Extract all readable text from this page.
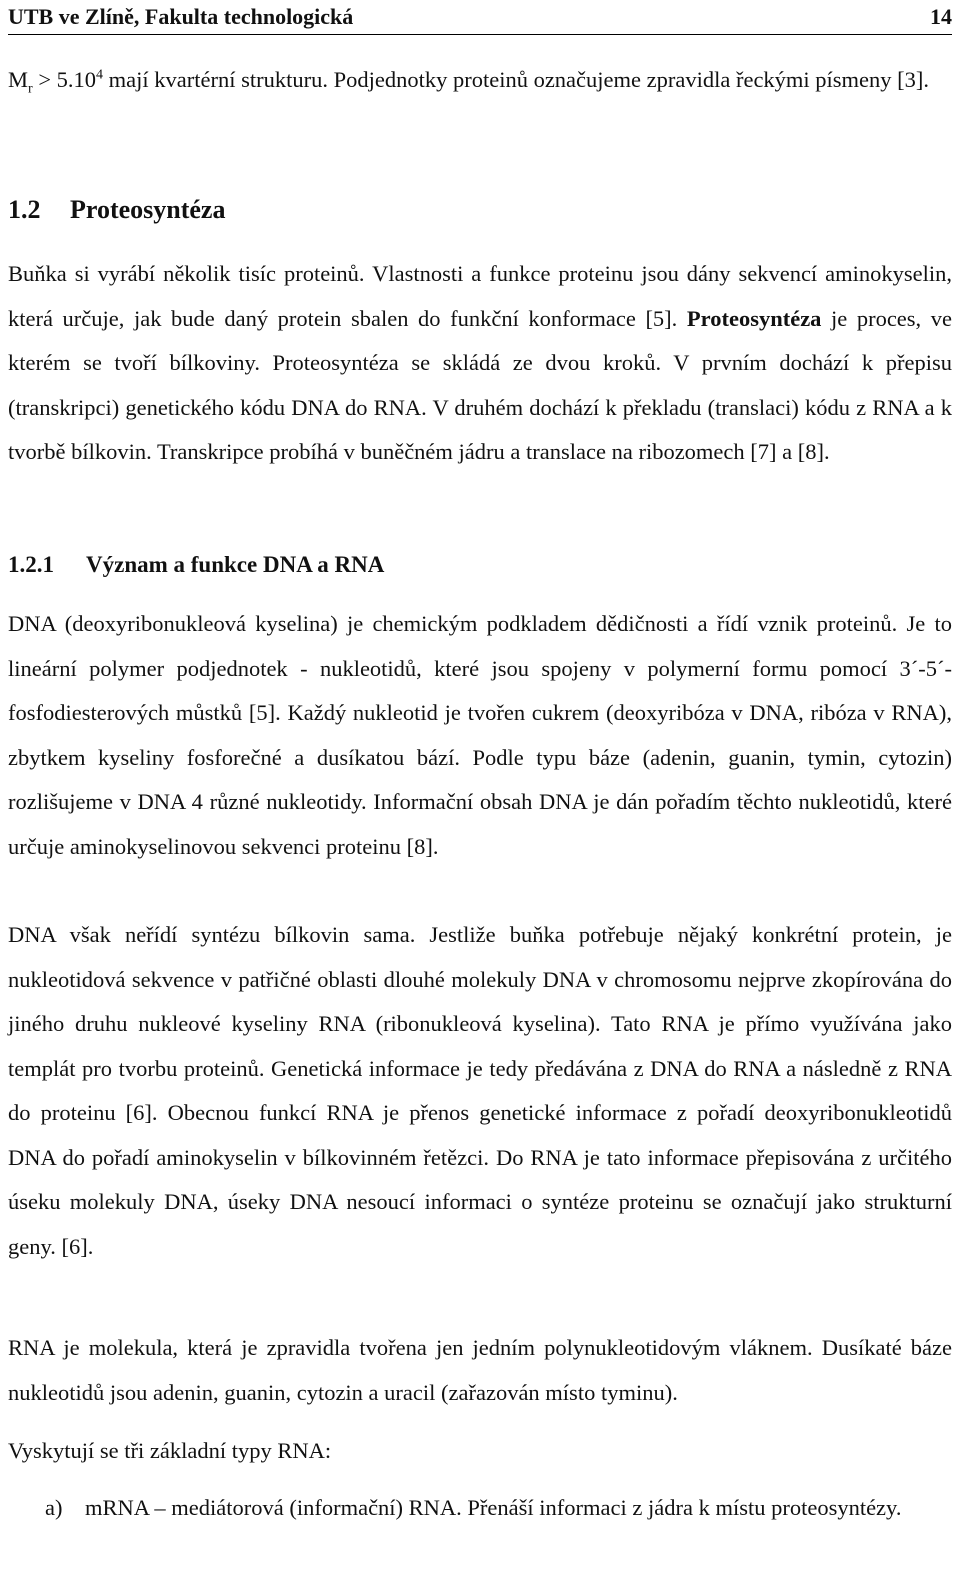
UTB ve Zlíně, Fakulta technologická	14
$M_r > 5.10^4$ mají kvartérní strukturu. Podjednotky proteinů označujeme zpravidla řeckými písmeny [3].
1.2 Proteosyntéza
Buňka si vyrábí několik tisíc proteinů. Vlastnosti a funkce proteinu jsou dány sekvencí aminokyselin, která určuje, jak bude daný protein sbalen do funkční konformace [5]. Proteosyntéza je proces, ve kterém se tvoří bílkoviny. Proteosyntéza se skládá ze dvou kroků. V prvním dochází k přepisu (transkripci) genetického kódu DNA do RNA. V druhém dochází k překladu (translaci) kódu z RNA a k tvorbě bílkovin. Transkripce probíhá v buněčném jádru a translace na ribozomech [7] a [8].
1.2.1 Význam a funkce DNA a RNA
DNA (deoxyribonukleová kyselina) je chemickým podkladem dědičnosti a řídí vznik proteinů. Je to lineární polymer podjednotek - nukleotidů, které jsou spojeny v polymerní formu pomocí 3´-5´-fosfodiesterových můstků [5]. Každý nukleotid je tvořen cukrem (deoxyribóza v DNA, ribóza v RNA), zbytkem kyseliny fosforečné a dusíkatou bází. Podle typu báze (adenin, guanin, tymin, cytozin) rozlišujeme v DNA 4 různé nukleotidy. Informační obsah DNA je dán pořadím těchto nukleotidů, které určuje aminokyselinovou sekvenci proteinu [8].
DNA však neřídí syntézu bílkovin sama. Jestliže buňka potřebuje nějaký konkrétní protein, je nukleotidová sekvence v patřičné oblasti dlouhé molekuly DNA v chromosomu nejprve zkopírována do jiného druhu nukleové kyseliny RNA (ribonukleová kyselina). Tato RNA je přímo využívána jako templát pro tvorbu proteinů. Genetická informace je tedy předávána z DNA do RNA a následně z RNA do proteinu [6]. Obecnou funkcí RNA je přenos genetické informace z pořadí deoxyribonukleotidů DNA do pořadí aminokyselin v bílkovinném řetězci. Do RNA je tato informace přepisována z určitého úseku molekuly DNA, úseky DNA nesoucí informaci o syntéze proteinu se označují jako strukturní geny. [6].
RNA je molekula, která je zpravidla tvořena jen jedním polynukleotidovým vláknem. Dusíkaté báze nukleotidů jsou adenin, guanin, cytozin a uracil (zařazován místo tyminu).
Vyskytují se tři základní typy RNA:
a) mRNA – mediátorová (informační) RNA. Přenáší informaci z jádra k místu proteosyntézy.
